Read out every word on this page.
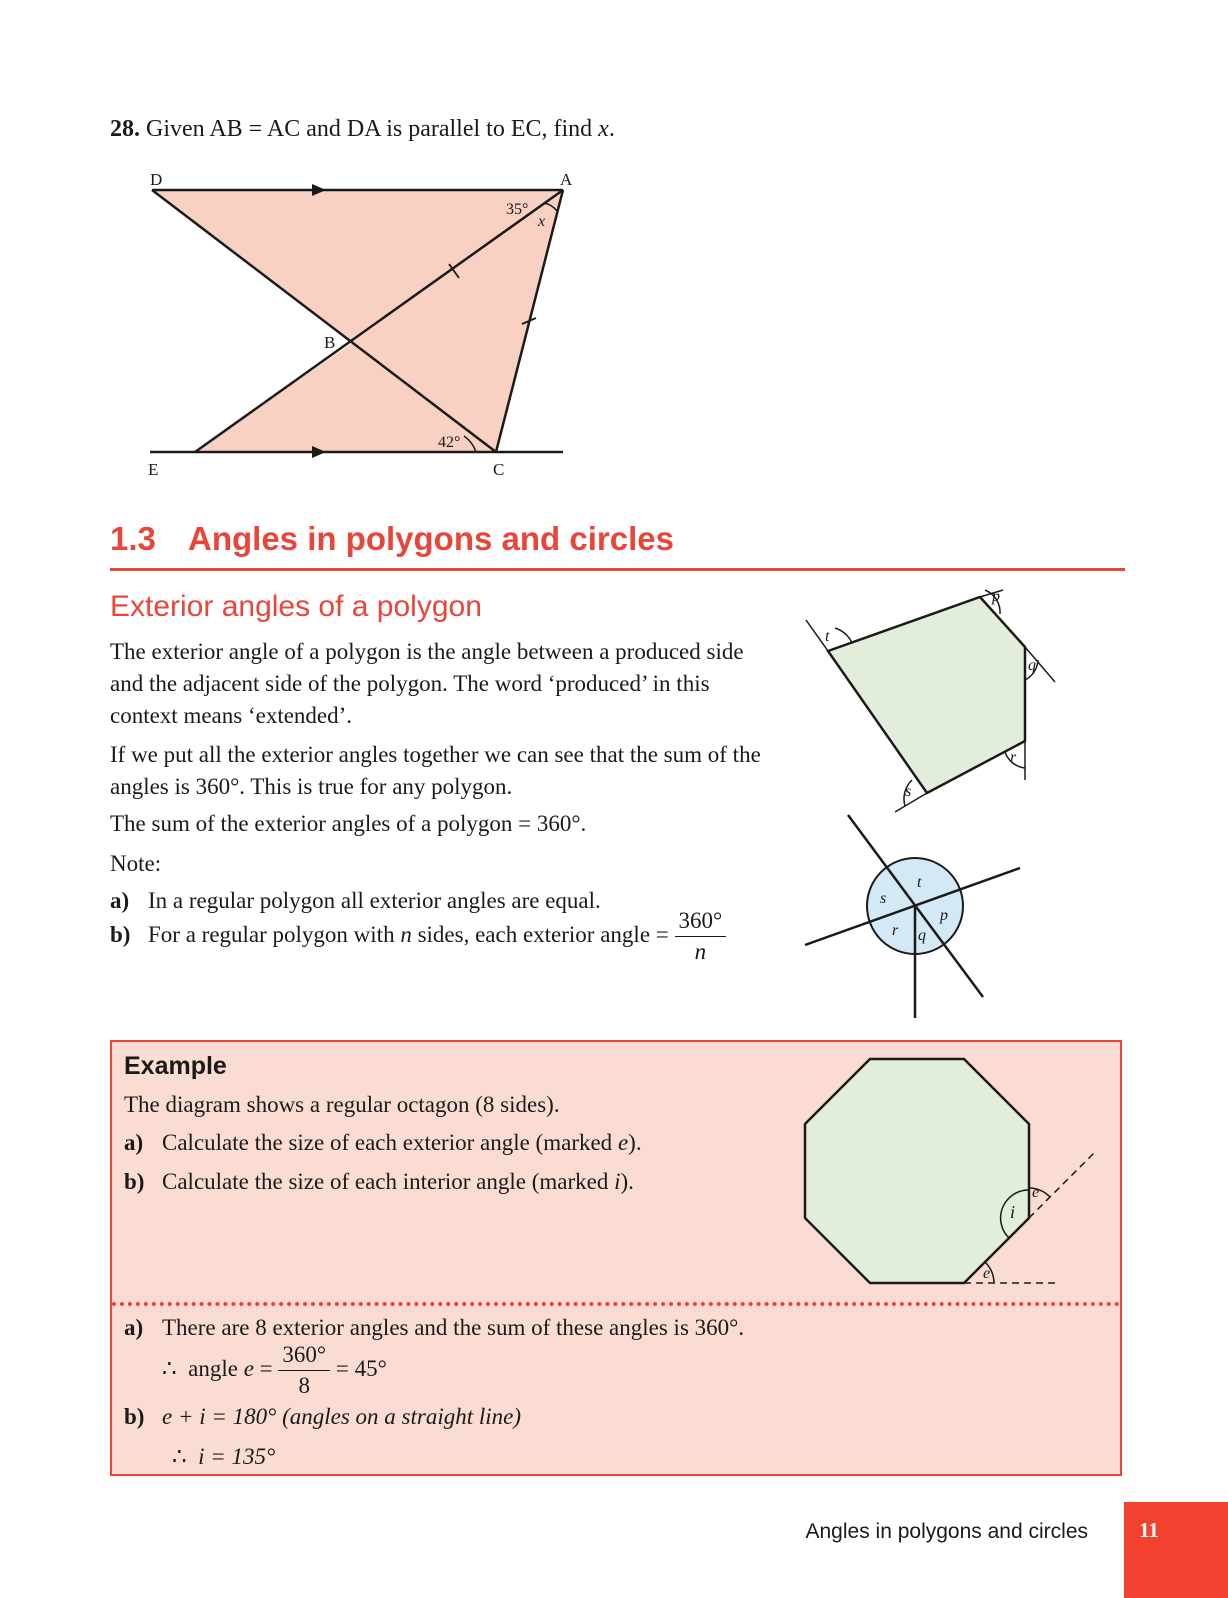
28. Given AB = AC and DA is parallel to EC, find x.
D	A
B
E	C
35°
x
42°
1.3 Angles in polygons and circles
Exterior angles of a polygon
The exterior angle of a polygon is the angle between a produced side and the adjacent side of the polygon. The word ‘produced’ in this context means ‘extended’.
If we put all the exterior angles together we can see that the sum of the angles is 360°. This is true for any polygon.
The sum of the exterior angles of a polygon = 360°.
Note:
a) In a regular polygon all exterior angles are equal.
b) For a regular polygon with n sides, each exterior angle = $\frac{360^\circ}{n}$
t
p
q
r
s
t
p
q
r
s
Example
The diagram shows a regular octagon (8 sides).
a) Calculate the size of each exterior angle (marked e).
b) Calculate the size of each interior angle (marked i).	e
i
e
a) There are 8 exterior angles and the sum of these angles is 360°.
∴ angle $e = \frac{360^\circ}{8} = 45^\circ$
b) e + i = 180° (angles on a straight line)
∴ i = 135°
Angles in polygons and circles	11
